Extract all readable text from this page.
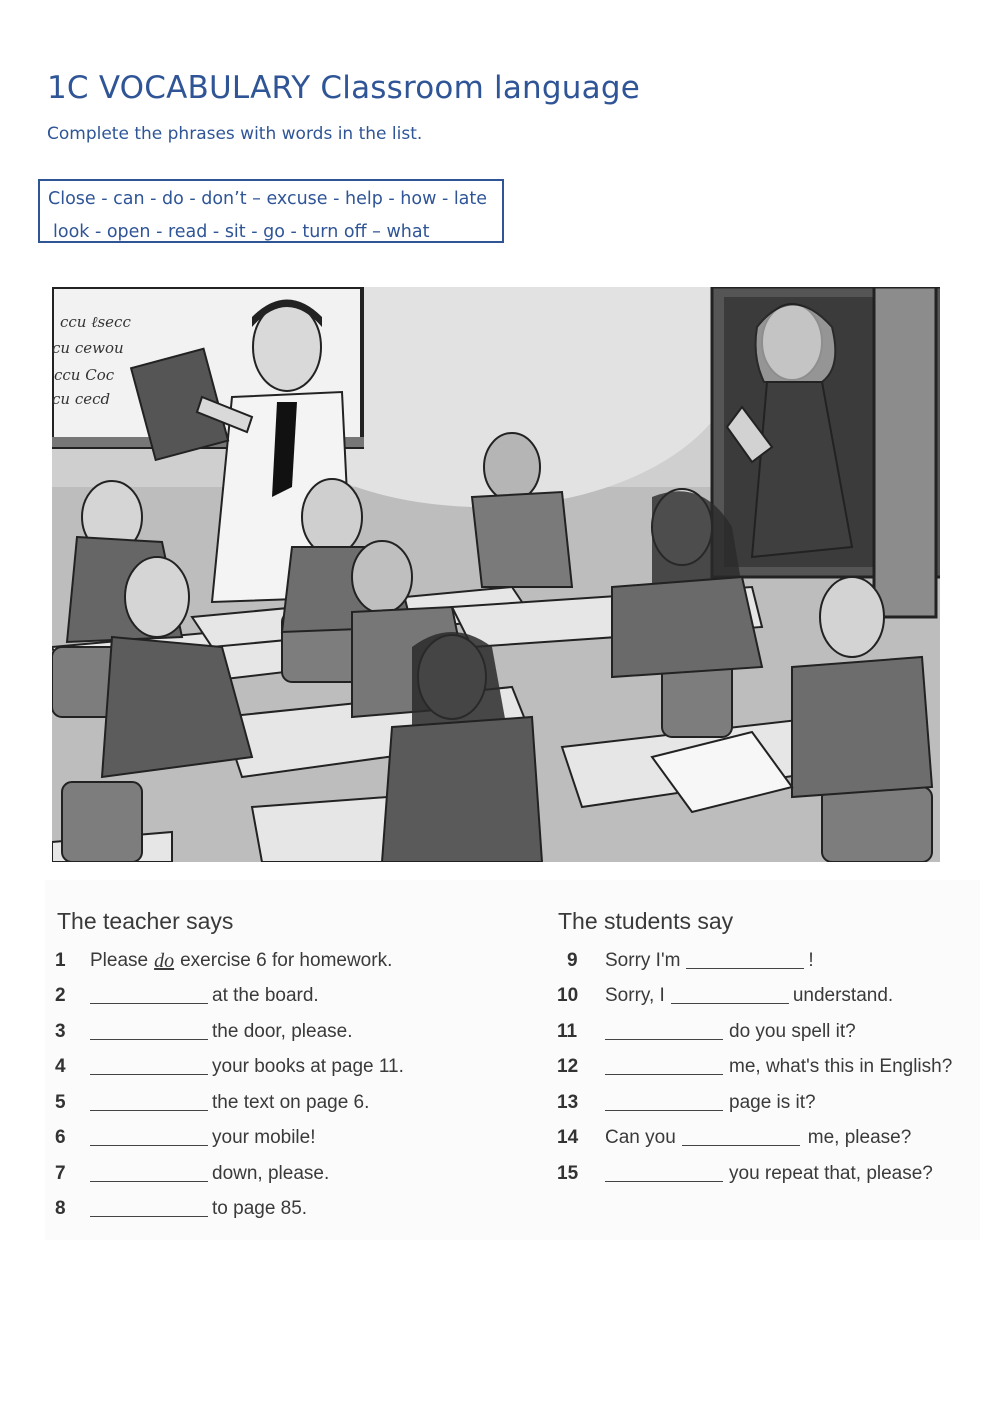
1C VOCABULARY Classroom language
Complete the phrases with words in the list.
Close - can - do - don’t – excuse - help - how - late
look - open - read - sit - go - turn off – what
ccu ℓsecc
cu cewou
ccu Coc
cu cecd
The teacher says	The students say
1	Please do exercise 6 for homework.
2	at the board.
3	the door, please.
4	your books at page 11.
5	the text on page 6.
6	your mobile!
7	down, please.
8	to page 85.
9	Sorry I'm	!
10	Sorry, I	understand.
11	do you spell it?
12	me, what's this in English?
13	page is it?
14	Can you	me, please?
15	you repeat that, please?
